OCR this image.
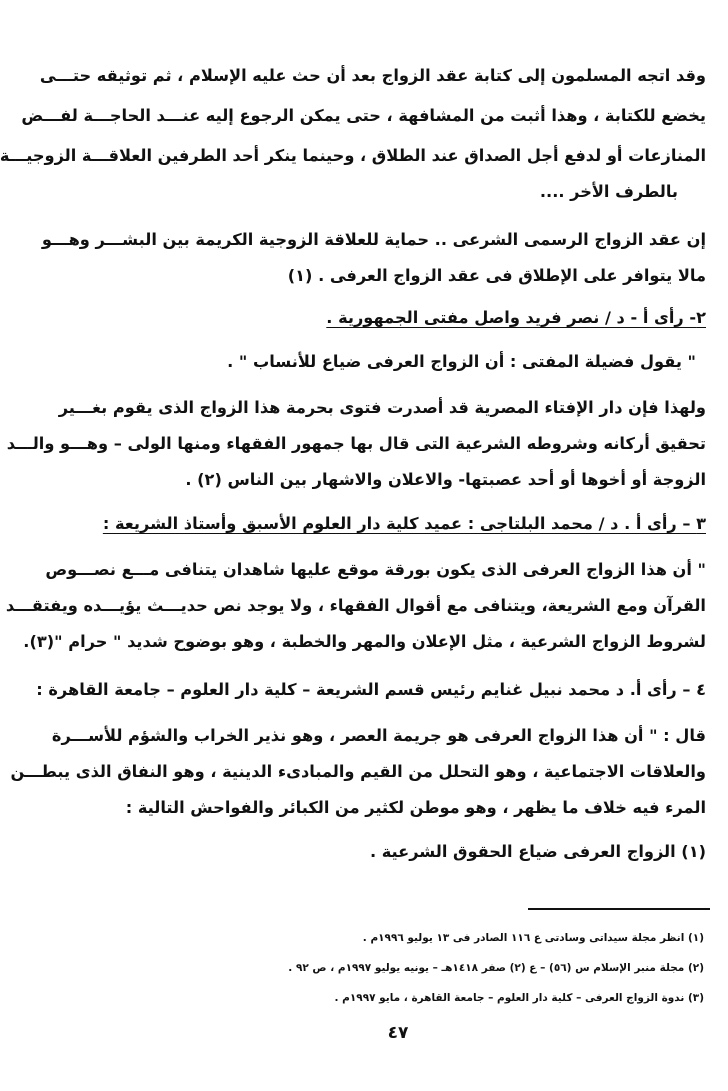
وقد اتجه المسلمون إلى كتابة عقد الزواج بعد أن حث عليه الإسلام ، ثم توثيقه حتـــى
يخضع للكتابة ، وهذا أثبت من المشافهة ، حتى يمكن الرجوع إليه عنـــد الحاجـــة لفـــض
المنازعات أو لدفع أجل الصداق عند الطلاق ، وحينما ينكر أحد الطرفين العلاقـــة الزوجيـــة
بالطرف الأخر ....
إن عقد الزواج الرسمى الشرعى .. حماية للعلاقة الزوجية الكريمة بين البشـــر وهـــو
مالا يتوافر على الإطلاق فى عقد الزواج العرفى . (١)
٢- رأى أ - د / نصر فريد واصل مفتى الجمهورية .
" يقول فضيلة المفتى : أن الزواج العرفى ضياع للأنساب " .
ولهذا فإن دار الإفتاء المصرية قد أصدرت فتوى بحرمة هذا الزواج الذى يقوم بغـــير
تحقيق أركانه وشروطه الشرعية التى قال بها جمهور الفقهاء ومنها الولى – وهـــو والـــد
الزوجة أو أخوها أو أحد عصبتها- والاعلان والاشهار بين الناس (٢) .
٣ – رأى أ . د / محمد البلتاجى : عميد كلية دار العلوم الأسبق وأستاذ الشريعة :
" أن هذا الزواج العرفى الذى يكون بورقة موقع عليها شاهدان يتنافى مـــع نصـــوص
القرآن ومع الشريعة، ويتنافى مع أقوال الفقهاء ، ولا يوجد نص حديـــث يؤيـــده ويفتقـــد
لشروط الزواج الشرعية ، مثل الإعلان والمهر والخطبة ، وهو بوضوح شديد " حرام "(٣).
٤ – رأى أ. د محمد نبيل غنايم رئيس قسم الشريعة – كلية دار العلوم – جامعة القاهرة :
قال : " أن هذا الزواج العرفى هو جريمة العصر ، وهو نذير الخراب والشؤم للأســـرة
والعلاقات الاجتماعية ، وهو التحلل من القيم والمبادىء الدينية ، وهو النفاق الذى يبطـــن
المرء فيه خلاف ما يظهر ، وهو موطن لكثير من الكبائر والفواحش التالية :
(١) الزواج العرفى ضياع الحقوق الشرعية .
(١) انظر مجلة سيداتى وسادتى ع ١١٦ الصادر فى ١٣ يوليو ١٩٩٦م .
(٢) مجلة منبر الإسلام س (٥٦) – ع (٢) صفر ١٤١٨هـ – يونيه يوليو ١٩٩٧م ، ص ٩٢ .
(٣) ندوة الزواج العرفى – كلية دار العلوم – جامعة القاهرة ، مايو ١٩٩٧م .
٤٧
